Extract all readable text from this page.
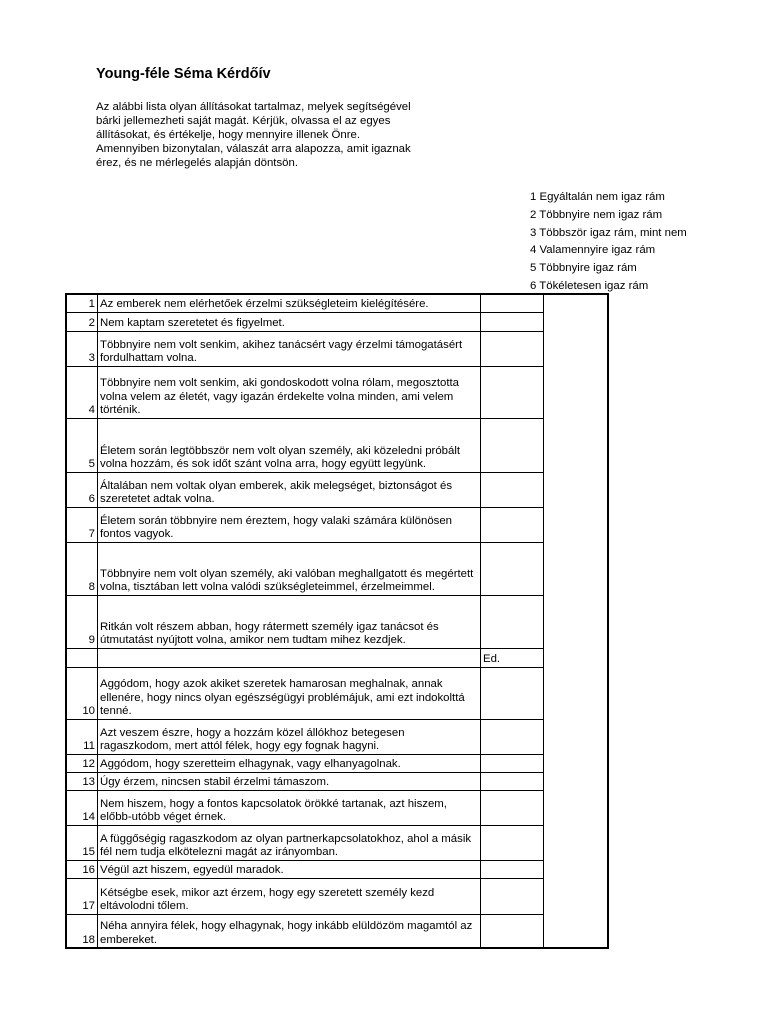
Young-féle Séma Kérdőív
Az alábbi lista olyan állításokat tartalmaz, melyek segítségével
bárki jellemezheti saját magát. Kérjük, olvassa el az egyes
állításokat, és értékelje, hogy mennyire illenek Önre.
Amennyiben bizonytalan, válaszát arra alapozza, amit igaznak
érez, és ne mérlegelés alapján döntsön.
1 Egyáltalán nem igaz rám
2 Többnyire nem igaz rám
3 Többször igaz rám, mint nem
4 Valamennyire igaz rám
5 Többnyire igaz rám
6 Tökéletesen igaz rám
1	Az emberek nem elérhetőek érzelmi szükségleteim kielégítésére.		
2	Nem kaptam szeretetet és figyelmet.		
3	Többnyire nem volt senkim, akihez tanácsért vagy érzelmi támogatásért fordulhattam volna.		
4	Többnyire nem volt senkim, aki gondoskodott volna rólam, megosztotta volna velem az életét, vagy igazán érdekelte volna minden, ami velem történik.		
5	Életem során legtöbbször nem volt olyan személy, aki közeledni próbált volna hozzám, és sok időt szánt volna arra, hogy együtt legyünk.		
6	Általában nem voltak olyan emberek, akik melegséget, biztonságot és szeretetet adtak volna.		
7	Életem során többnyire nem éreztem, hogy valaki számára különösen fontos vagyok.		
8	Többnyire nem volt olyan személy, aki valóban meghallgatott és megértett volna, tisztában lett volna valódi szükségleteimmel, érzelmeimmel.		
9	Ritkán volt részem abban, hogy rátermett személy igaz tanácsot és útmutatást nyújtott volna, amikor nem tudtam mihez kezdjek.		
		Ed.	
10	Aggódom, hogy azok akiket szeretek hamarosan meghalnak, annak ellenére, hogy nincs olyan egészségügyi problémájuk, ami ezt indokolttá tenné.		
11	Azt veszem észre, hogy a hozzám közel állókhoz betegesen ragaszkodom, mert attól félek, hogy egy fognak hagyni.		
12	Aggódom, hogy szeretteim elhagynak, vagy elhanyagolnak.		
13	Úgy érzem, nincsen stabil érzelmi támaszom.		
14	Nem hiszem, hogy a fontos kapcsolatok örökké tartanak, azt hiszem, előbb-utóbb véget érnek.		
15	A függőségig ragaszkodom az olyan partnerkapcsolatokhoz, ahol a másik fél nem tudja elkötelezni magát az irányomban.		
16	Végül azt hiszem, egyedül maradok.		
17	Kétségbe esek, mikor azt érzem, hogy egy szeretett személy kezd eltávolodni tőlem.		
18	Néha annyira félek, hogy elhagynak, hogy inkább elüldözöm magamtól az embereket.		
